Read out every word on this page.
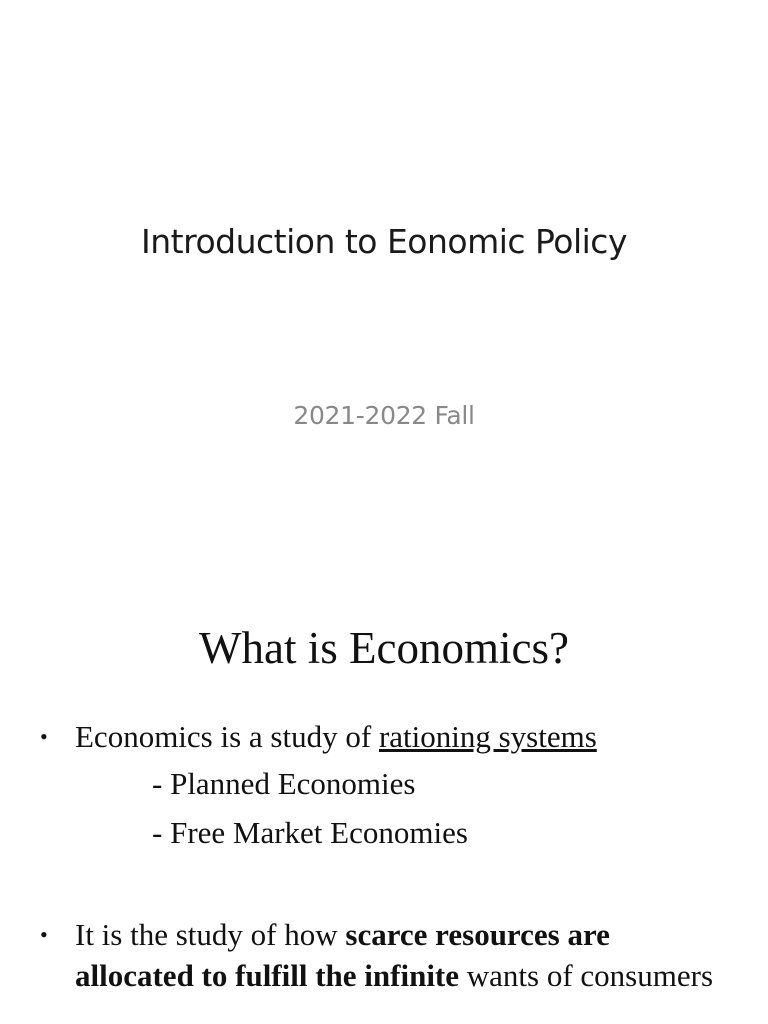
Introduction to Eonomic Policy
2021-2022 Fall
What is Economics?
• Economics is a study of rationing systems
- Planned Economies
- Free Market Economies
• It is the study of how scarce resources are allocated to fulfill the infinite wants of consumers
